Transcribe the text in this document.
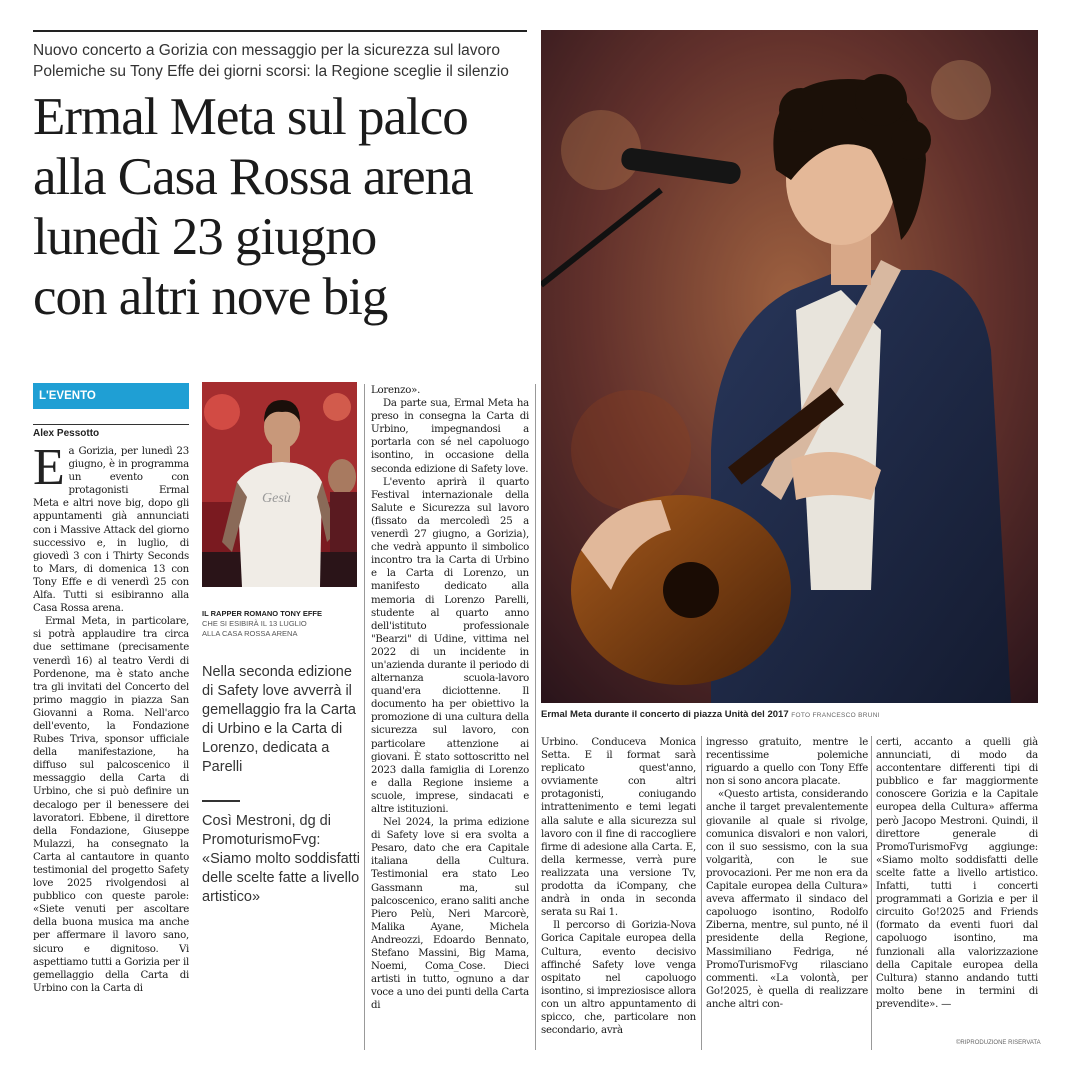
Nuovo concerto a Gorizia con messaggio per la sicurezza sul lavoro
Polemiche su Tony Effe dei giorni scorsi: la Regione sceglie il silenzio
Ermal Meta sul palco
alla Casa Rossa arena
lunedì 23 giugno
con altri nove big
Ermal Meta durante il concerto di piazza Unità del 2017 FOTO FRANCESCO BRUNI
L'EVENTO
Alex Pessotto

Ea Gorizia, per lunedì 23 giugno, è in programma un evento con protagonisti Ermal Meta e altri nove big, dopo gli appuntamenti già annunciati con i Massive Attack del giorno successivo e, in luglio, di giovedì 3 con i Thirty Seconds to Mars, di domenica 13 con Tony Effe e di venerdì 25 con Alfa. Tutti si esibiranno alla Casa Rossa arena.

Ermal Meta, in particolare, si potrà applaudire tra circa due settimane (precisamente venerdì 16) al teatro Verdi di Pordenone, ma è stato anche tra gli invitati del Concerto del primo maggio in piazza San Giovanni a Roma. Nell'arco dell'evento, la Fondazione Rubes Triva, sponsor ufficiale della manifestazione, ha diffuso sul palcoscenico il messaggio della Carta di Urbino, che si può definire un decalogo per il benessere dei lavoratori. Ebbene, il direttore della Fondazione, Giuseppe Mulazzi, ha consegnato la Carta al cantautore in quanto testimonial del progetto Safety love 2025 rivolgendosi al pubblico con queste parole: «Siete venuti per ascoltare della buona musica ma anche per affermare il lavoro sano, sicuro e dignitoso. Vi aspettiamo tutti a Gorizia per il gemellaggio della Carta di Urbino con la Carta di

Gesù
IL RAPPER ROMANO TONY EFFE
CHE SI ESIBIRÀ IL 13 LUGLIO
ALLA CASA ROSSA ARENA
Nella seconda edizione di Safety love avverrà il gemellaggio fra la Carta di Urbino e la Carta di Lorenzo, dedicata a Parelli
Così Mestroni, dg di PromoturismoFvg: «Siamo molto soddisfatti delle scelte fatte a livello artistico»

Lorenzo».

Da parte sua, Ermal Meta ha preso in consegna la Carta di Urbino, impegnandosi a portarla con sé nel capoluogo isontino, in occasione della seconda edizione di Safety love.

L'evento aprirà il quarto Festival internazionale della Salute e Sicurezza sul lavoro (fissato da mercoledì 25 a venerdì 27 giugno, a Gorizia), che vedrà appunto il simbolico incontro tra la Carta di Urbino e la Carta di Lorenzo, un manifesto dedicato alla memoria di Lorenzo Parelli, studente al quarto anno dell'istituto professionale "Bearzi" di Udine, vittima nel 2022 di un incidente in un'azienda durante il periodo di alternanza scuola-lavoro quand'era diciottenne. Il documento ha per obiettivo la promozione di una cultura della sicurezza sul lavoro, con particolare attenzione ai giovani. È stato sottoscritto nel 2023 dalla famiglia di Lorenzo e dalla Regione insieme a scuole, imprese, sindacati e altre istituzioni.

Nel 2024, la prima edizione di Safety love si era svolta a Pesaro, dato che era Capitale italiana della Cultura. Testimonial era stato Leo Gassmann ma, sul palcoscenico, erano saliti anche Piero Pelù, Neri Marcorè, Malika Ayane, Michela Andreozzi, Edoardo Bennato, Stefano Massini, Big Mama, Noemi, Coma_Cose. Dieci artisti in tutto, ognuno a dar voce a uno dei punti della Carta di

Urbino. Conduceva Monica Setta. E il format sarà replicato quest'anno, ovviamente con altri protagonisti, coniugando intrattenimento e temi legati alla salute e alla sicurezza sul lavoro con il fine di raccogliere firme di adesione alla Carta. E, della kermesse, verrà pure realizzata una versione Tv, prodotta da iCompany, che andrà in onda in seconda serata su Rai 1.

Il percorso di Gorizia-Nova Gorica Capitale europea della Cultura, evento decisivo affinché Safety love venga ospitato nel capoluogo isontino, si impreziosisce allora con un altro appuntamento di spicco, che, particolare non secondario, avrà

ingresso gratuito, mentre le recentissime polemiche riguardo a quello con Tony Effe non si sono ancora placate.

«Questo artista, considerando anche il target prevalentemente giovanile al quale si rivolge, comunica disvalori e non valori, con il suo sessismo, con la sua volgarità, con le sue provocazioni. Per me non era da Capitale europea della Cultura» aveva affermato il sindaco del capoluogo isontino, Rodolfo Ziberna, mentre, sul punto, né il presidente della Regione, Massimiliano Fedriga, né PromoTurismoFvg rilasciano commenti. «La volontà, per Go!2025, è quella di realizzare anche altri con-

certi, accanto a quelli già annunciati, di modo da accontentare differenti tipi di pubblico e far maggiormente conoscere Gorizia e la Capitale europea della Cultura» afferma però Jacopo Mestroni. Quindi, il direttore generale di PromoTurismoFvg aggiunge: «Siamo molto soddisfatti delle scelte fatte a livello artistico. Infatti, tutti i concerti programmati a Gorizia e per il circuito Go!2025 and Friends (formato da eventi fuori dal capoluogo isontino, ma funzionali alla valorizzazione della Capitale europea della Cultura) stanno andando tutti molto bene in termini di prevendite». —

©RIPRODUZIONE RISERVATA
